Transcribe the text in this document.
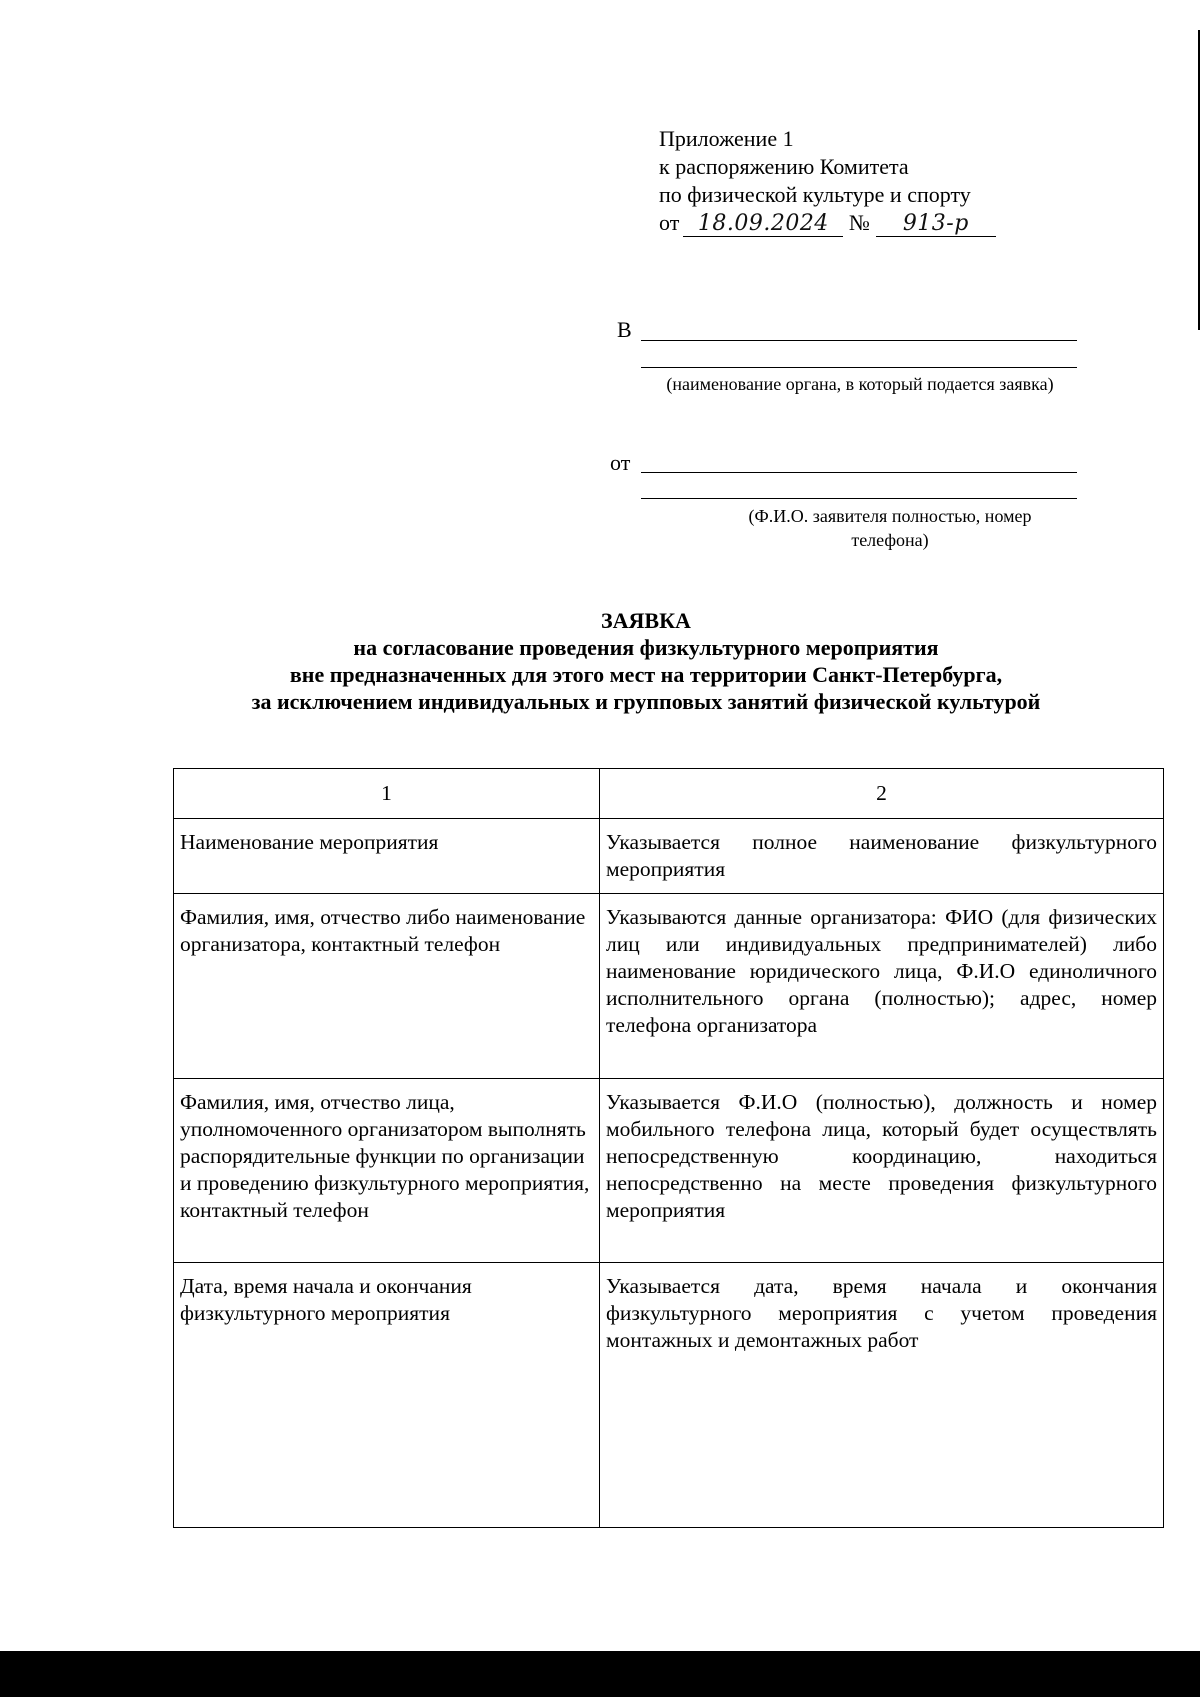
Приложение 1
к распоряжению Комитета
по физической культуре и спорту
от 18.09.2024 № 913-р
В
(наименование органа, в который подается заявка)
от
(Ф.И.О. заявителя полностью, номер
телефона)
ЗАЯВКА
на согласование проведения физкультурного мероприятия
вне предназначенных для этого мест на территории Санкт-Петербурга,
за исключением индивидуальных и групповых занятий физической культурой
1	2
Наименование мероприятия	Указывается полное наименование физкультурного мероприятия
Фамилия, имя, отчество либо наименование организатора, контактный телефон	Указываются данные организатора: ФИО (для физических лиц или индивидуальных предпринимателей) либо наименование юридического лица, Ф.И.О единоличного исполнительного органа (полностью); адрес, номер телефона организатора
Фамилия, имя, отчество лица, уполномоченного организатором выполнять распорядительные функции по организации и проведению физкультурного мероприятия, контактный телефон	Указывается Ф.И.О (полностью), должность и номер мобильного телефона лица, который будет осуществлять непосредственную координацию, находиться непосредственно на месте проведения физкультурного мероприятия
Дата, время начала и окончания физкультурного мероприятия	Указывается дата, время начала и окончания физкультурного мероприятия с учетом проведения монтажных и демонтажных работ
